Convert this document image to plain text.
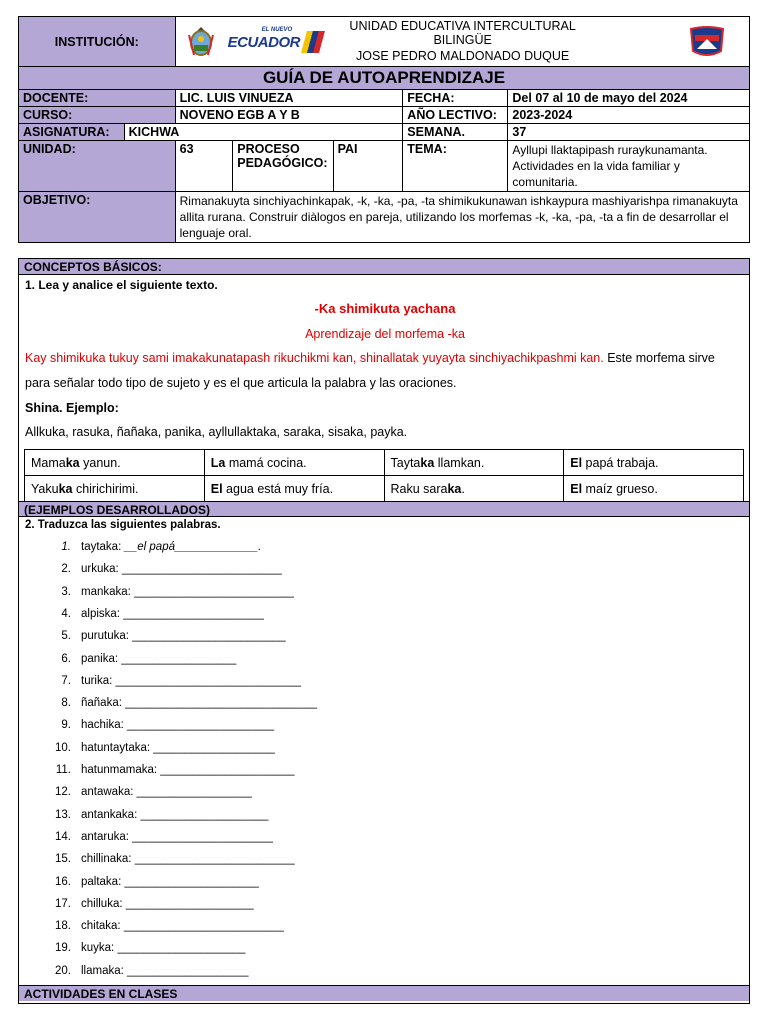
INSTITUCIÓN:	EL NUEVO
ECUADOR
UNIDAD EDUCATIVA INTERCULTURAL BILINGÜE
JOSE PEDRO MALDONADO DUQUE				

GUÍA DE AUTOAPRENDIZAJE					
DOCENTE:	LIC. LUIS VINUEZA			FECHA:	Del 07 al 10 de mayo del 2024
CURSO:	NOVENO EGB A Y B			AÑO LECTIVO:	2023-2024

ASIGNATURA:	KICHWA			SEMANA.	37
UNIDAD:	63	PROCESO PEDAGÓGICO:	PAI	TEMA:	Ayllupi llaktapipash ruraykunamanta. Actividades en la vida familiar y comunitaria.
OBJETIVO:	Rimanakuyta sinchiyachinkapak, -k, -ka, -pa, -ta shimikukunawan ishkaypura mashiyarishpa rimanakuyta allita rurana. Construir diàlogos en pareja, utilizando los morfemas -k, -ka, -pa, -ta a fin de desarrollar el lenguaje oral.				
CONCEPTOS BÁSICOS:
1. Lea y analice el siguiente texto.
-Ka shimikuta yachana
Aprendizaje del morfema -ka
Kay shimikuka tukuy sami imakakunatapash rikuchikmi kan, shinallatak yuyayta sinchiyachikpashmi kan. Este morfema sirve
para señalar todo tipo de sujeto y es el que articula la palabra y las oraciones.
Shina. Ejemplo:
Allkuka, rasuka, ñañaka, panika, ayllullaktaka, saraka, sisaka, payka.
Mamaka yanun.	La mamá cocina.	Taytaka llamkan.	El papá trabaja.
Yakuka chirichirimi.	El agua está muy fría.	Raku saraka.	El maíz grueso.
(EJEMPLOS DESARROLLADOS)
2. Traduzca las siguientes palabras.
1. taytaka: __el papá_____________.
2. urkuka: _________________________
3. mankaka: _________________________
4. alpiska: ______________________
5. purutuka: ________________________
6. panika: __________________
7. turika: _____________________________
8. ñañaka: ______________________________
9. hachika: _______________________
10. hatuntaytaka: ___________________
11. hatunmamaka: _____________________
12. antawaka: __________________
13. antankaka: ____________________
14. antaruka: ______________________
15. chillinaka: _________________________
16. paltaka: _____________________
17. chilluka: ____________________
18. chitaka: _________________________
19. kuyka: ____________________
20. llamaka: ___________________
ACTIVIDADES EN CLASES
